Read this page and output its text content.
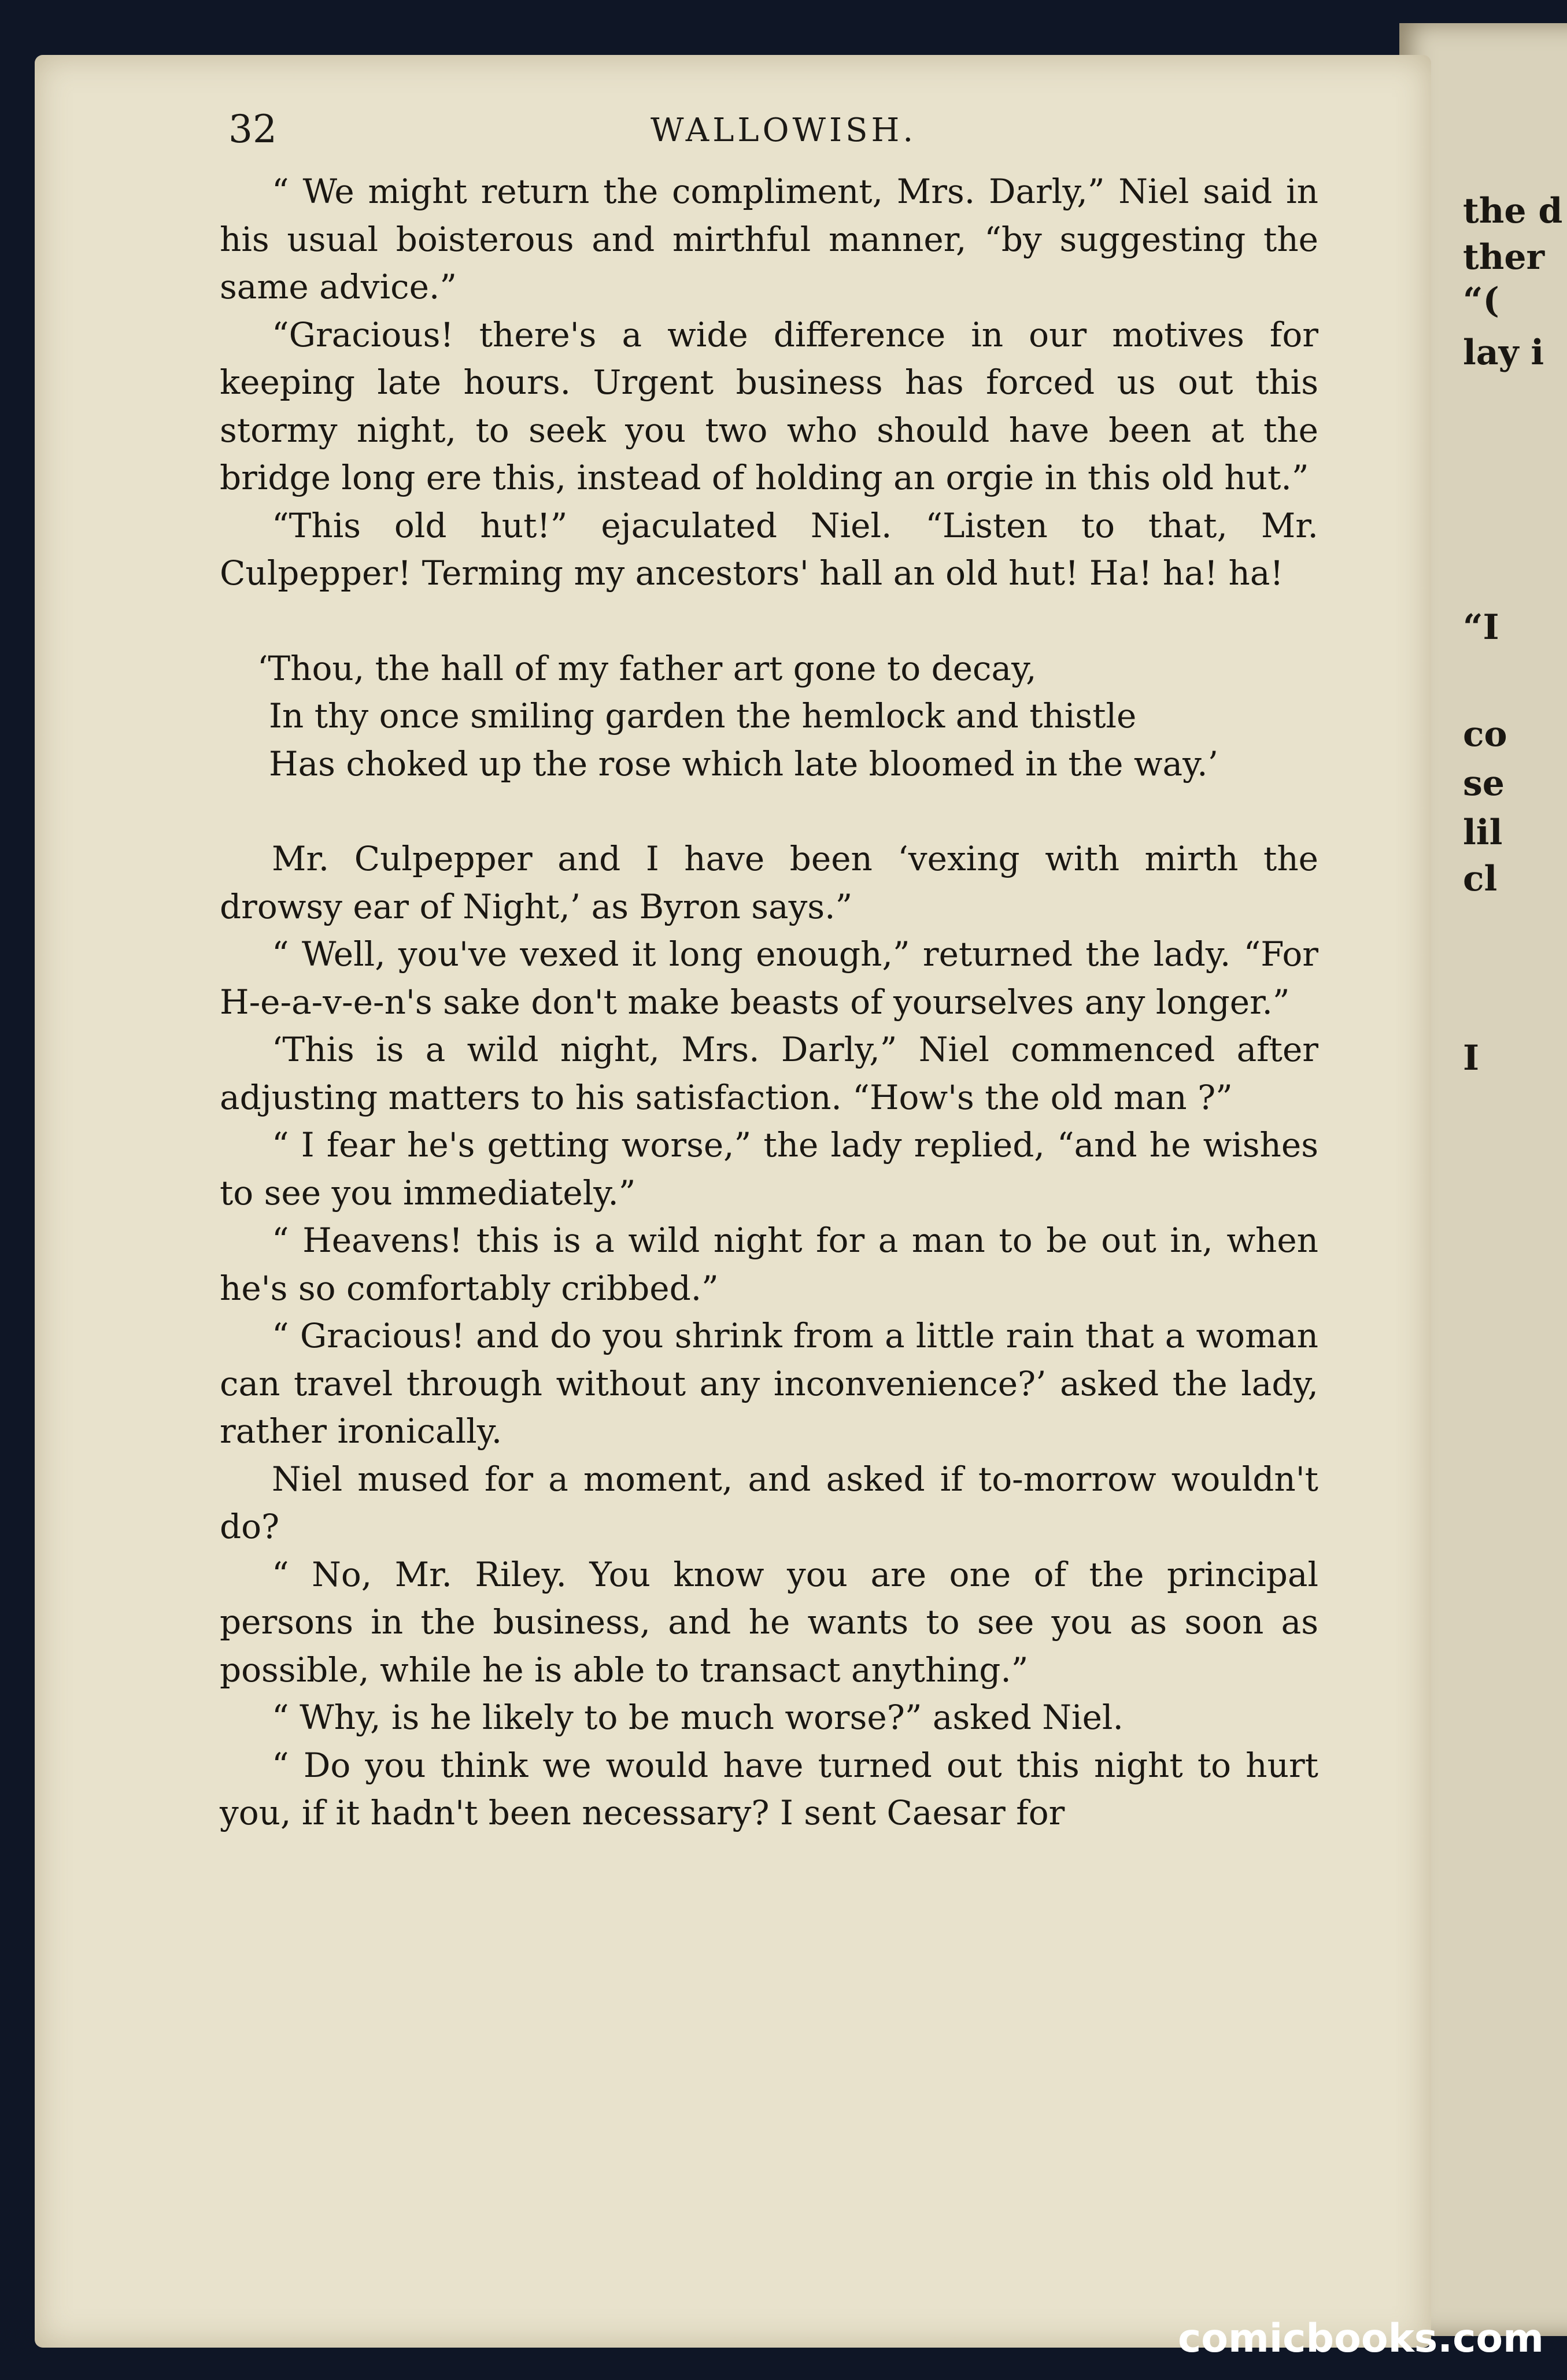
the d
ther
“(
lay i
“I
co
se
lil
cl
I
32	WALLOWISH.

“ We might return the compliment, Mrs. Darly,” Niel said in his usual boisterous and mirthful manner, “by suggesting the same advice.”

“Gracious! there's a wide difference in our motives for keeping late hours. Urgent business has forced us out this stormy night, to seek you two who should have been at the bridge long ere this, instead of holding an orgie in this old hut.”

“This old hut!” ejaculated Niel. “Listen to that, Mr. Culpepper! Terming my ancestors' hall an old hut! Ha! ha! ha!

‘Thou, the hall of my father art gone to decay,
In thy once smiling garden the hemlock and thistle
Has choked up the rose which late bloomed in the way.’

Mr. Culpepper and I have been ‘vexing with mirth the drowsy ear of Night,’ as Byron says.”

“ Well, you've vexed it long enough,” returned the lady. “For H-e-a-v-e-n's sake don't make beasts of yourselves any longer.”

‘This is a wild night, Mrs. Darly,” Niel commenced after adjusting matters to his satisfaction. “How's the old man ?”

“ I fear he's getting worse,” the lady replied, “and he wishes to see you immediately.”

“ Heavens! this is a wild night for a man to be out in, when he's so comfortably cribbed.”

“ Gracious! and do you shrink from a little rain that a woman can travel through without any inconvenience?’ asked the lady, rather ironically.

Niel mused for a moment, and asked if to-morrow wouldn't do?

“ No, Mr. Riley. You know you are one of the principal persons in the business, and he wants to see you as soon as possible, while he is able to transact anything.”

“ Why, is he likely to be much worse?” asked Niel.

“ Do you think we would have turned out this night to hurt you, if it hadn't been necessary? I sent Caesar for

comicbooks.com
